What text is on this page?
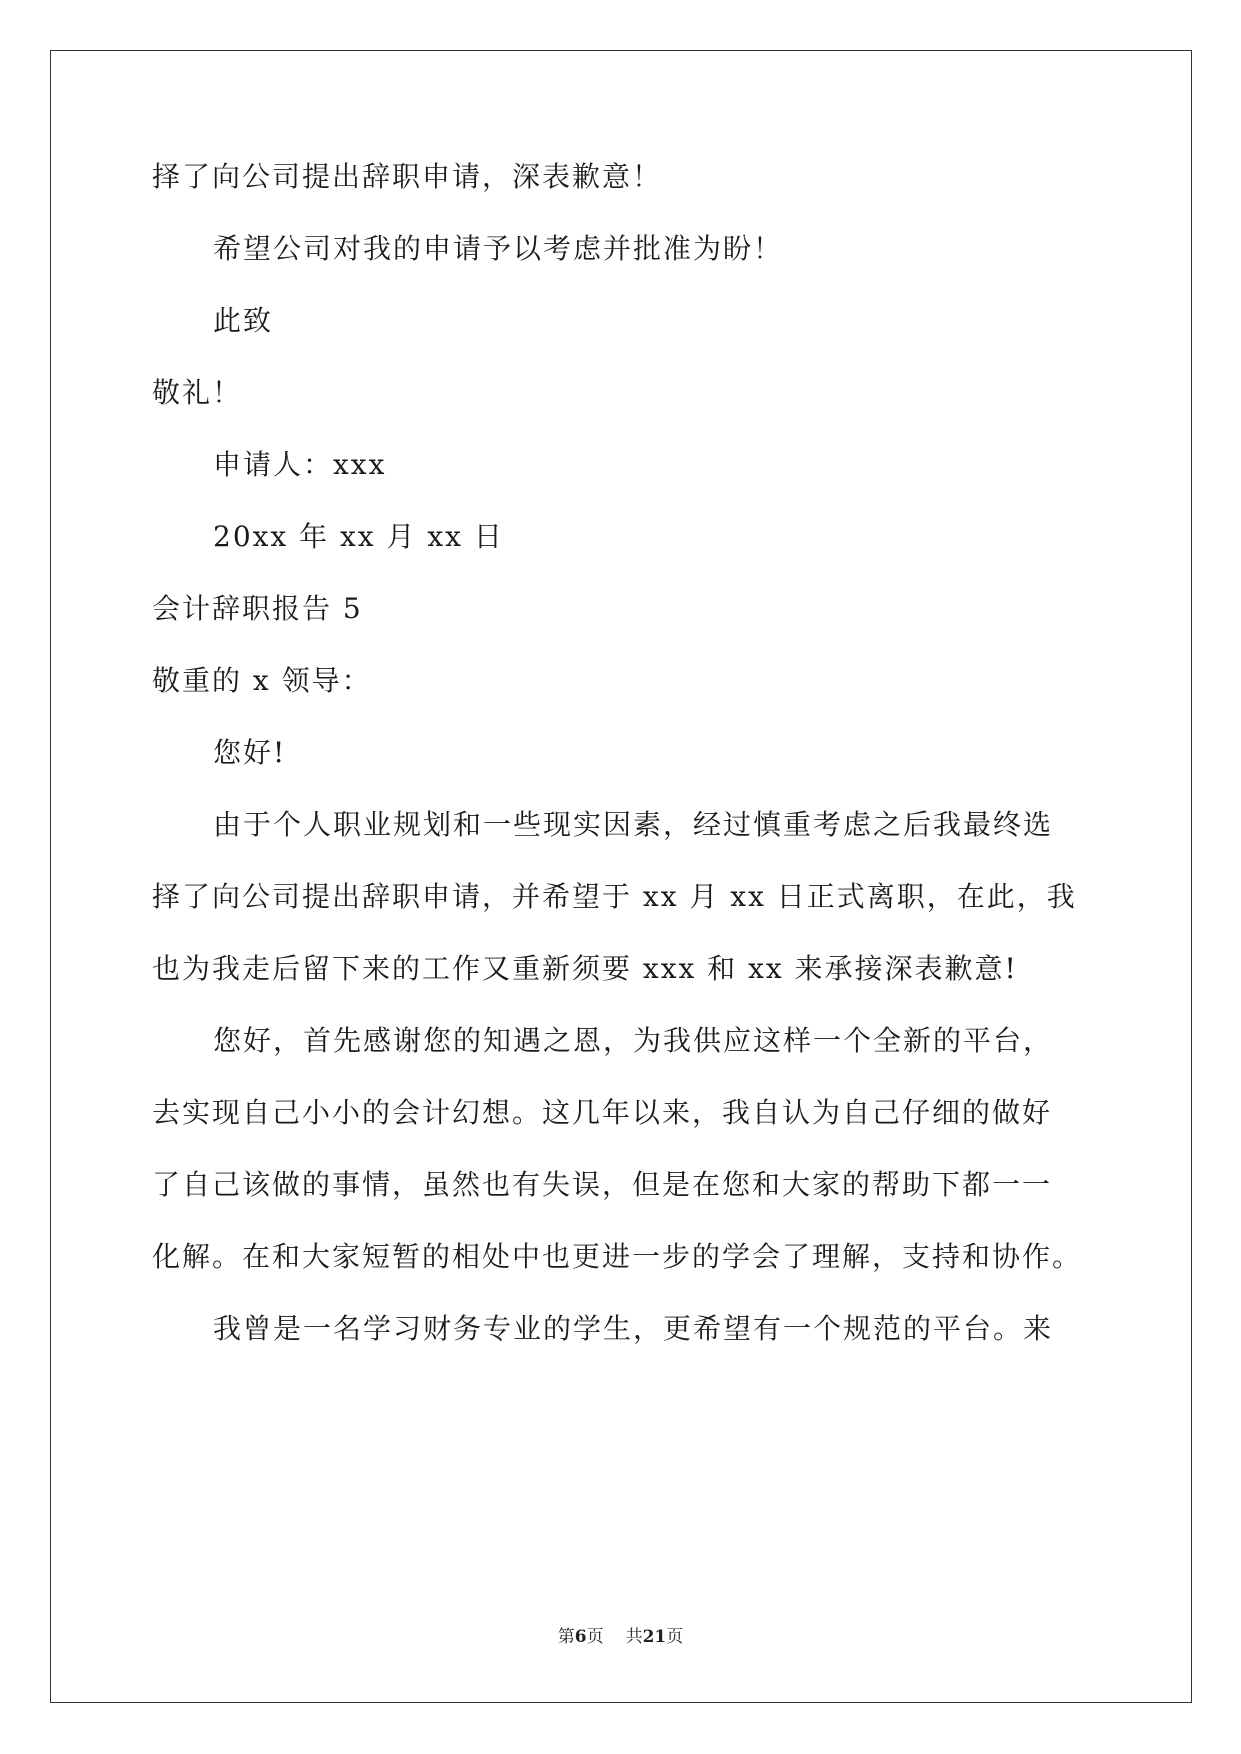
择了向公司提出辞职申请，深表歉意！
希望公司对我的申请予以考虑并批准为盼！
此致
敬礼！
申请人：xxx
20xx 年 xx 月 xx 日
会计辞职报告 5
敬重的 x 领导：
您好!
由于个人职业规划和一些现实因素，经过慎重考虑之后我最终选
择了向公司提出辞职申请，并希望于 xx 月 xx 日正式离职，在此，我
也为我走后留下来的工作又重新须要 xxx 和 xx 来承接深表歉意!
您好，首先感谢您的知遇之恩，为我供应这样一个全新的平台，
去实现自己小小的会计幻想。这几年以来，我自认为自己仔细的做好
了自己该做的事情，虽然也有失误，但是在您和大家的帮助下都一一
化解。在和大家短暂的相处中也更进一步的学会了理解，支持和协作。
我曾是一名学习财务专业的学生，更希望有一个规范的平台。来
第6页 共21页
